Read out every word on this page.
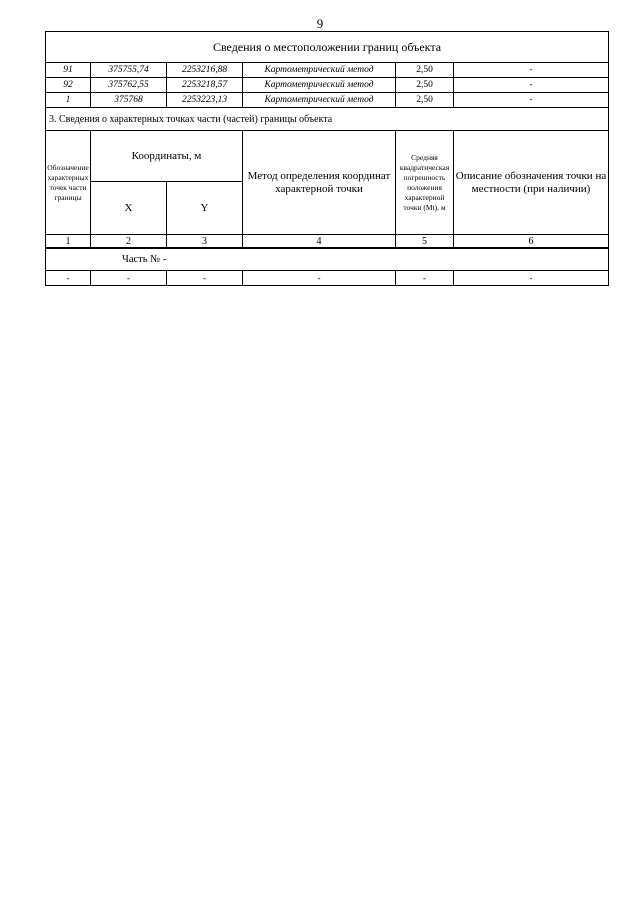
9
Сведения о местоположении границ объекта					
91	375755,74	2253216,88	Картометрический метод	2,50	-
92	375762,55	2253218,57	Картометрический метод	2,50	-
1	375768	2253223,13	Картометрический метод	2,50	-
3. Сведения о характерных точках части (частей) границы объекта					
Обозначение характерных точек части границы	Координаты, м		Метод определения координат характерной точки	Средняя квадратическая погрешность положения характерной точки (Мt), м	Описание обозначения точки на местности (при наличии)
	X	Y			
1	2	3	4	5	6
Часть № -
-	-	-	-	-	-
